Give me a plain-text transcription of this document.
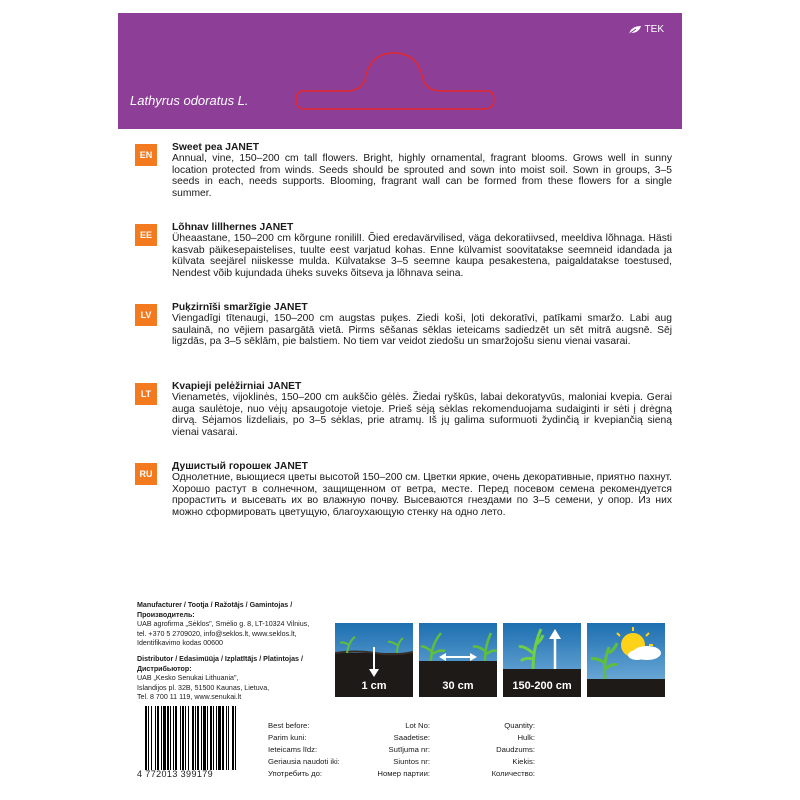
TEK
Lathyrus odoratus L.
EN
Sweet pea JANET
Annual, vine, 150–200 cm tall flowers. Bright, highly ornamental, fragrant blooms. Grows well in sunny location protected from winds. Seeds should be sprouted and sown into moist soil. Sown in groups, 3–5 seeds in each, needs supports. Blooming, fragrant wall can be formed from these flowers for a single summer.
EE
Lõhnav lillhernes JANET
Üheaastane, 150–200 cm kõrgune ronililI. Õied eredavärvilised, väga dekoratiivsed, meeldiva lõhnaga. Hästi kasvab päikesepaistelises, tuulte eest varjatud kohas. Enne külvamist soovitatakse seemneid idandada ja külvata seejärel niiskesse mulda. Külvatakse 3–5 seemne kaupa pesakestena, paigaldatakse toestused, Nendest võib kujundada üheks suveks õitseva ja lõhnava seina.
LV
Puķzirnīši smaržīgie JANET
Viengadīgi tītenaugi, 150–200 cm augstas puķes. Ziedi koši, ļoti dekoratīvi, patīkami smaržo. Labi aug saulainā, no vējiem pasargātā vietā. Pirms sēšanas sēklas ieteicams sadiedzēt un sēt mitrā augsnē. Sēj ligzdās, pa 3–5 sēklām, pie balstiem. No tiem var veidot ziedošu un smaržojošu sienu vienai vasarai.
LT
Kvapieji pelėžirniai JANET
Vienametės, vijoklinės, 150–200 cm aukščio gėlės. Žiedai ryškūs, labai dekoratyvūs, maloniai kvepia. Gerai auga saulėtoje, nuo vėjų apsaugotoje vietoje. Prieš sėją sėklas rekomenduojama sudaiginti ir sėti į drėgną dirvą. Sėjamos lizdeliais, po 3–5 sėklas, prie atramų. Iš jų galima suformuoti žydinčią ir kvepiančią sieną vienai vasarai.
RU
Душистый горошек JANET
Однолетние, вьющиеся цветы высотой 150–200 см. Цветки яркие, очень декоративные, приятно пахнут. Хорошо растут в солнечном, защищенном от ветра, месте. Перед посевом семена рекомендуется прорастить и высевать их во влажную почву. Высеваются гнездами по 3–5 семени, у опор. Из них можно сформировать цветущую, благоухающую стенку на одно лето.
Manufacturer / Tootja / Ražotājs / Gamintojas / Производитель:
UAB agrofirma „Sėklos", Smėlio g. 8, LT-10324 Vilnius,
tel. +370 5 2709020, info@seklos.lt, www.seklos.lt,
Identifikavimo kodas 00600
Distributor / Edasimüüja / Izplatītājs / Platintojas / Дистрибьютор:
UAB „Kesko Senukai Lithuania",
Islandijos pl. 32B, 51500 Kaunas, Lietuva,
Tel. 8 700 11 119, www.senukai.lt
1 cm	30 cm	150-200 cm
4 772013 399179
Best before:
Parim kuni:
Ieteicams līdz:
Geriausia naudoti iki:
Употребить до:
Lot No:
Saadetise:
Sutījuma nr:
Siuntos nr:
Номер партии:
Quantity:
Hulk:
Daudzums:
Kiekis:
Количество:
